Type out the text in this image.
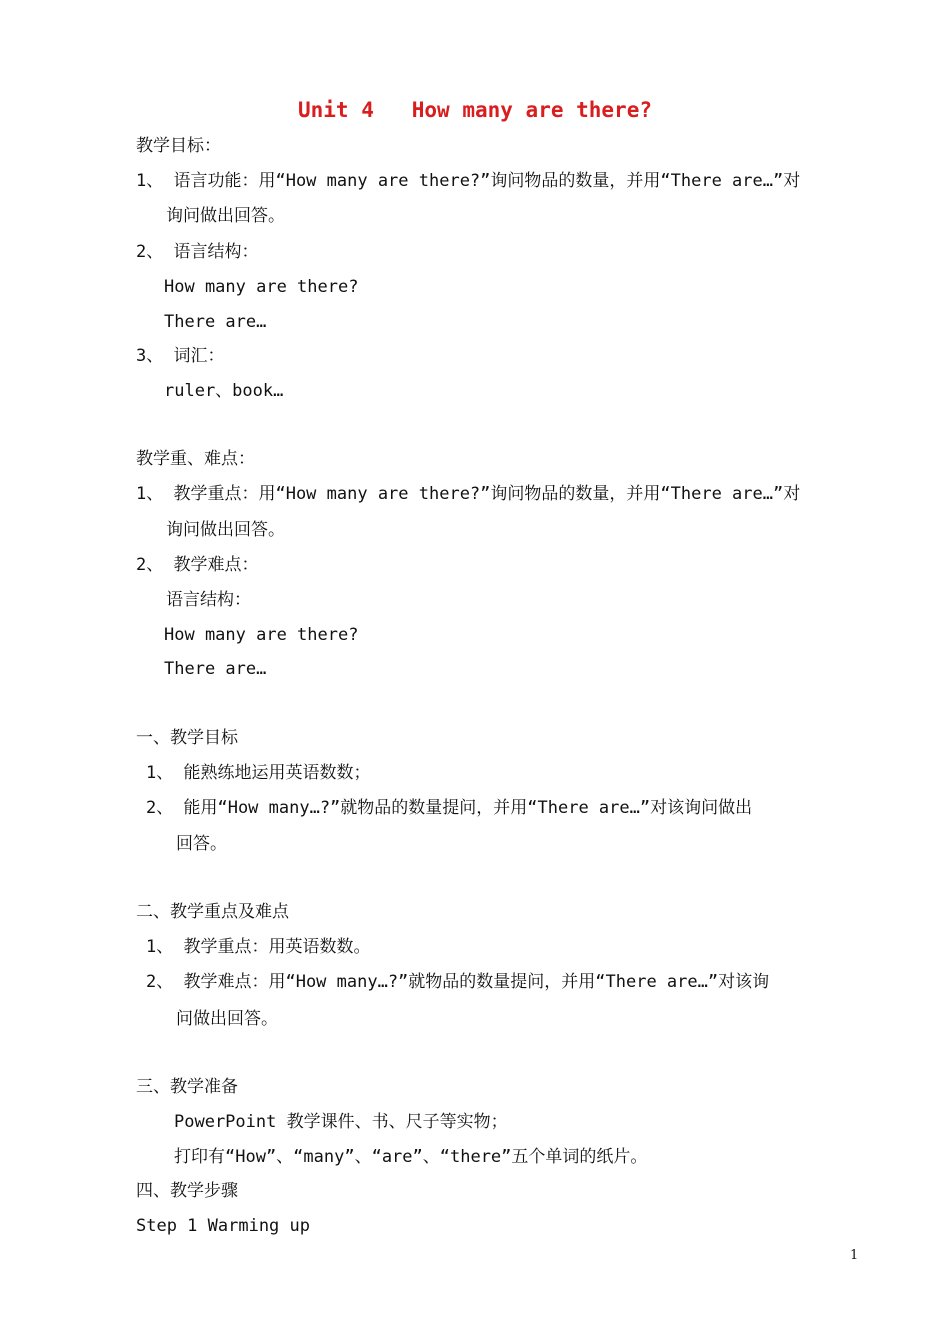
Unit 4   How many are there?
教学目标：
1、 语言功能：用“How many are there?”询问物品的数量，并用“There are…”对
询问做出回答。
2、 语言结构：
How many are there?
There are…
3、 词汇：
ruler、book…
教学重、难点：
1、 教学重点：用“How many are there?”询问物品的数量，并用“There are…”对
询问做出回答。
2、 教学难点：
语言结构：
How many are there?
There are…
一、教学目标
1、 能熟练地运用英语数数；
2、 能用“How many…?”就物品的数量提问，并用“There are…”对该询问做出
回答。
二、教学重点及难点
1、 教学重点：用英语数数。
2、 教学难点：用“How many…?”就物品的数量提问，并用“There are…”对该询
问做出回答。
三、教学准备
PowerPoint 教学课件、书、尺子等实物；
打印有“How”、“many”、“are”、“there”五个单词的纸片。
四、教学步骤
Step 1 Warming up
1
